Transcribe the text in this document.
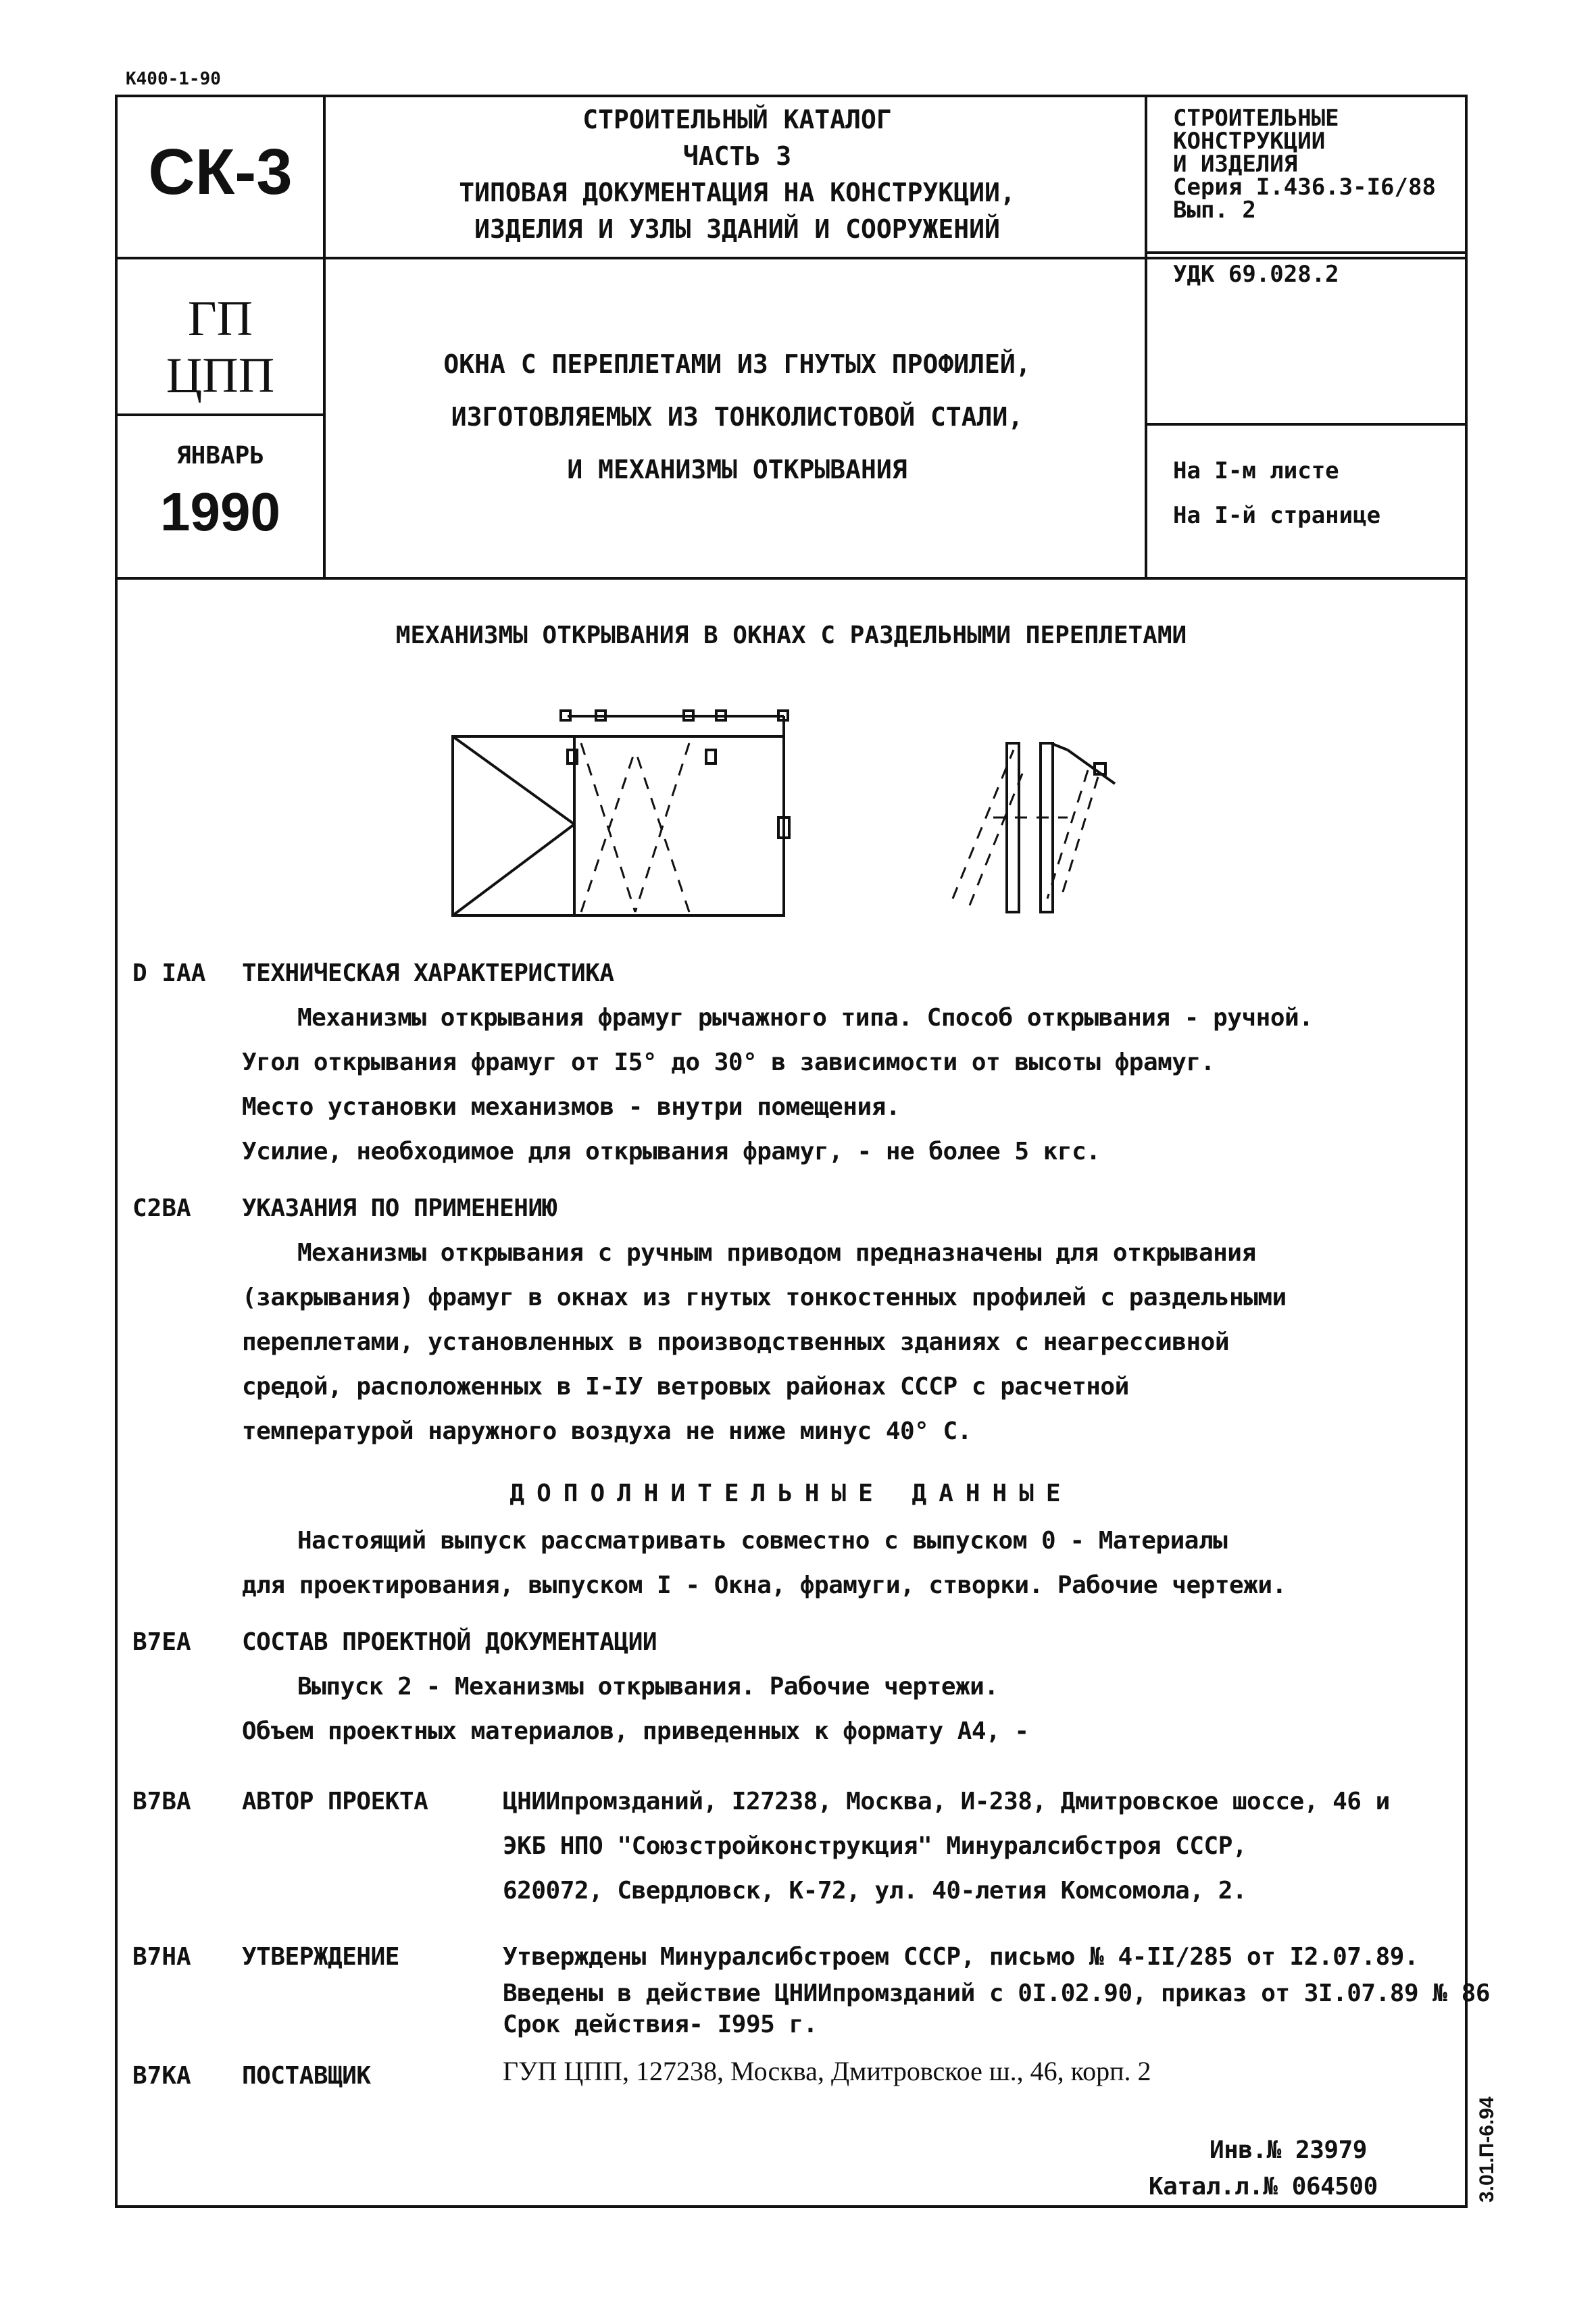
К400-1-90
СК-3
ГП
ЦПП
ЯНВАРЬ
1990
СТРОИТЕЛЬНЫЙ КАТАЛОГ
ЧАСТЬ 3
ТИПОВАЯ ДОКУМЕНТАЦИЯ НА КОНСТРУКЦИИ,
ИЗДЕЛИЯ И УЗЛЫ ЗДАНИЙ И СООРУЖЕНИЙ
ОКНА С ПЕРЕПЛЕТАМИ ИЗ ГНУТЫХ ПРОФИЛЕЙ,
ИЗГОТОВЛЯЕМЫХ ИЗ ТОНКОЛИСТОВОЙ СТАЛИ,
И МЕХАНИЗМЫ ОТКРЫВАНИЯ
СТРОИТЕЛЬНЫЕ
КОНСТРУКЦИИ
И ИЗДЕЛИЯ
Серия I.436.3-I6/88
Вып. 2
УДК 69.028.2
На I-м листе
На I-й странице
МЕХАНИЗМЫ ОТКРЫВАНИЯ В ОКНАХ С РАЗДЕЛЬНЫМИ ПЕРЕПЛЕТАМИ
D IAA ТЕХНИЧЕСКАЯ ХАРАКТЕРИСТИКА
Механизмы открывания фрамуг рычажного типа. Способ открывания - ручной.
Угол открывания фрамуг от I5° до 30° в зависимости от высоты фрамуг.
Место установки механизмов - внутри помещения.
Усилие, необходимое для открывания фрамуг, - не более 5 кгс.
C2BA УКАЗАНИЯ ПО ПРИМЕНЕНИЮ
Механизмы открывания с ручным приводом предназначены для открывания
(закрывания) фрамуг в окнах из гнутых тонкостенных профилей с раздельными
переплетами, установленных в производственных зданиях с неагрессивной
средой, расположенных в I-IУ ветровых районах СССР с расчетной
температурой наружного воздуха не ниже минус 40° С.
ДОПОЛНИТЕЛЬНЫЕ ДАННЫЕ
Настоящий выпуск рассматривать совместно с выпуском 0 - Материалы
для проектирования, выпуском I - Окна, фрамуги, створки. Рабочие чертежи.
B7EA СОСТАВ ПРОЕКТНОЙ ДОКУМЕНТАЦИИ
Выпуск 2 - Механизмы открывания. Рабочие чертежи.
Объем проектных материалов, приведенных к формату А4, -
B7BA АВТОР ПРОЕКТА	ЦНИИпромзданий, I27238, Москва, И-238, Дмитровское шоссе, 46 и
ЭКБ НПО "Союзстройконструкция" Минуралсибстроя СССР,
620072, Свердловск, К-72, ул. 40-летия Комсомола, 2.
B7HA УТВЕРЖДЕНИЕ	Утверждены Минуралсибстроем СССР, письмо № 4-II/285 от I2.07.89.
Введены в действие ЦНИИпромзданий с 0I.02.90, приказ от 3I.07.89 № 86
Срок действия- I995 г.
B7KA ПОСТАВЩИК	ГУП ЦПП, 127238, Москва, Дмитровское ш., 46, корп. 2
Инв.№ 23979
Катал.л.№ 064500	3.01.П-6.94
